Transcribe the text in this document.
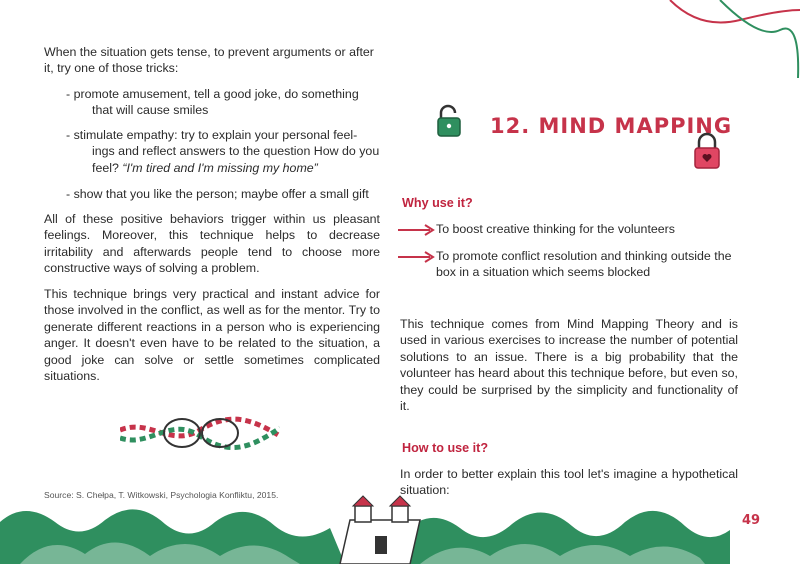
When the situation gets tense, to prevent arguments or after it, try one of those tricks:
- promote amusement, tell a good joke, do something
that will cause smiles
- stimulate empathy: try to explain your personal feel-
ings and reflect answers to the question How do you feel? “I'm tired and I'm missing my home”
- show that you like the person; maybe offer a small gift
All of these positive behaviors trigger within us pleasant feelings. Moreover, this technique helps to decrease irritability and afterwards people tend to choose more constructive ways of solving a problem.
This technique brings very practical and instant advice for those involved in the conflict, as well as for the mentor. Try to generate different reactions in a person who is experiencing anger. It doesn't even have to be related to the situation, a good joke can solve or settle sometimes complicated situations.
Source: S. Chełpa, T. Witkowski, Psychologia Konfliktu, 2015.
12. MIND MAPPING
Why use it?
To boost creative thinking for the volunteers
To promote conflict resolution and thinking outside the box in a situation which seems blocked
This technique comes from Mind Mapping Theory and is used in various exercises to increase the number of potential solutions to an issue. There is a big probability that the volunteer has heard about this technique before, but even so, they could be surprised by the simplicity and functionality of it.
How to use it?
In order to better explain this tool let's imagine a hypothetical situation:
49
